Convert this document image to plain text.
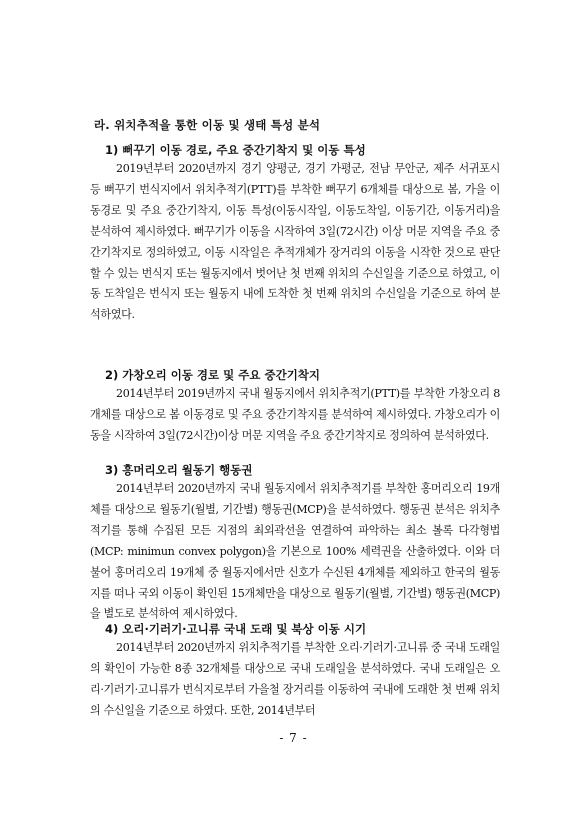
라. 위치추적을 통한 이동 및 생태 특성 분석
1) 뻐꾸기 이동 경로, 주요 중간기착지 및 이동 특성

2019년부터 2020년까지 경기 양평군, 경기 가평군, 전남 무안군, 제주 서귀포시 등 뻐꾸기 번식지에서 위치추적기(PTT)를 부착한 뻐꾸기 6개체를 대상으로 봄, 가을 이동경로 및 주요 중간기착지, 이동 특성(이동시작일, 이동도착일, 이동기간, 이동거리)을 분석하여 제시하였다. 뻐꾸기가 이동을 시작하여 3일(72시간) 이상 머문 지역을 주요 중간기착지로 정의하였고, 이동 시작일은 추적개체가 장거리의 이동을 시작한 것으로 판단할 수 있는 번식지 또는 월동지에서 벗어난 첫 번째 위치의 수신일을 기준으로 하였고, 이동 도착일은 번식지 또는 월동지 내에 도착한 첫 번째 위치의 수신일을 기준으로 하여 분석하였다.

2) 가창오리 이동 경로 및 주요 중간기착지

2014년부터 2019년까지 국내 월동지에서 위치추적기(PTT)를 부착한 가창오리 8개체를 대상으로 봄 이동경로 및 주요 중간기착지를 분석하여 제시하였다. 가창오리가 이동을 시작하여 3일(72시간)이상 머문 지역을 주요 중간기착지로 정의하여 분석하였다.

3) 흥머리오리 월동기 행동권

2014년부터 2020년까지 국내 월동지에서 위치추적기를 부착한 홍머리오리 19개체를 대상으로 월동기(월별, 기간별) 행동권(MCP)을 분석하였다. 행동권 분석은 위치추적기를 통해 수집된 모든 지점의 최외곽선을 연결하여 파악하는 최소 볼록 다각형법(MCP: minimun convex polygon)을 기본으로 100% 세력권을 산출하였다. 이와 더불어 홍머리오리 19개체 중 월동지에서만 신호가 수신된 4개체를 제외하고 한국의 월동지를 떠나 국외 이동이 확인된 15개체만을 대상으로 월동기(월별, 기간별) 행동권(MCP)을 별도로 분석하여 제시하였다.

4) 오리·기러기·고니류 국내 도래 및 북상 이동 시기

2014년부터 2020년까지 위치추적기를 부착한 오리·기러기·고니류 중 국내 도래일의 확인이 가능한 8종 32개체를 대상으로 국내 도래일을 분석하였다. 국내 도래일은 오리·기러기·고니류가 번식지로부터 가을철 장거리를 이동하여 국내에 도래한 첫 번째 위치의 수신일을 기준으로 하였다. 또한, 2014년부터

- 7 -
